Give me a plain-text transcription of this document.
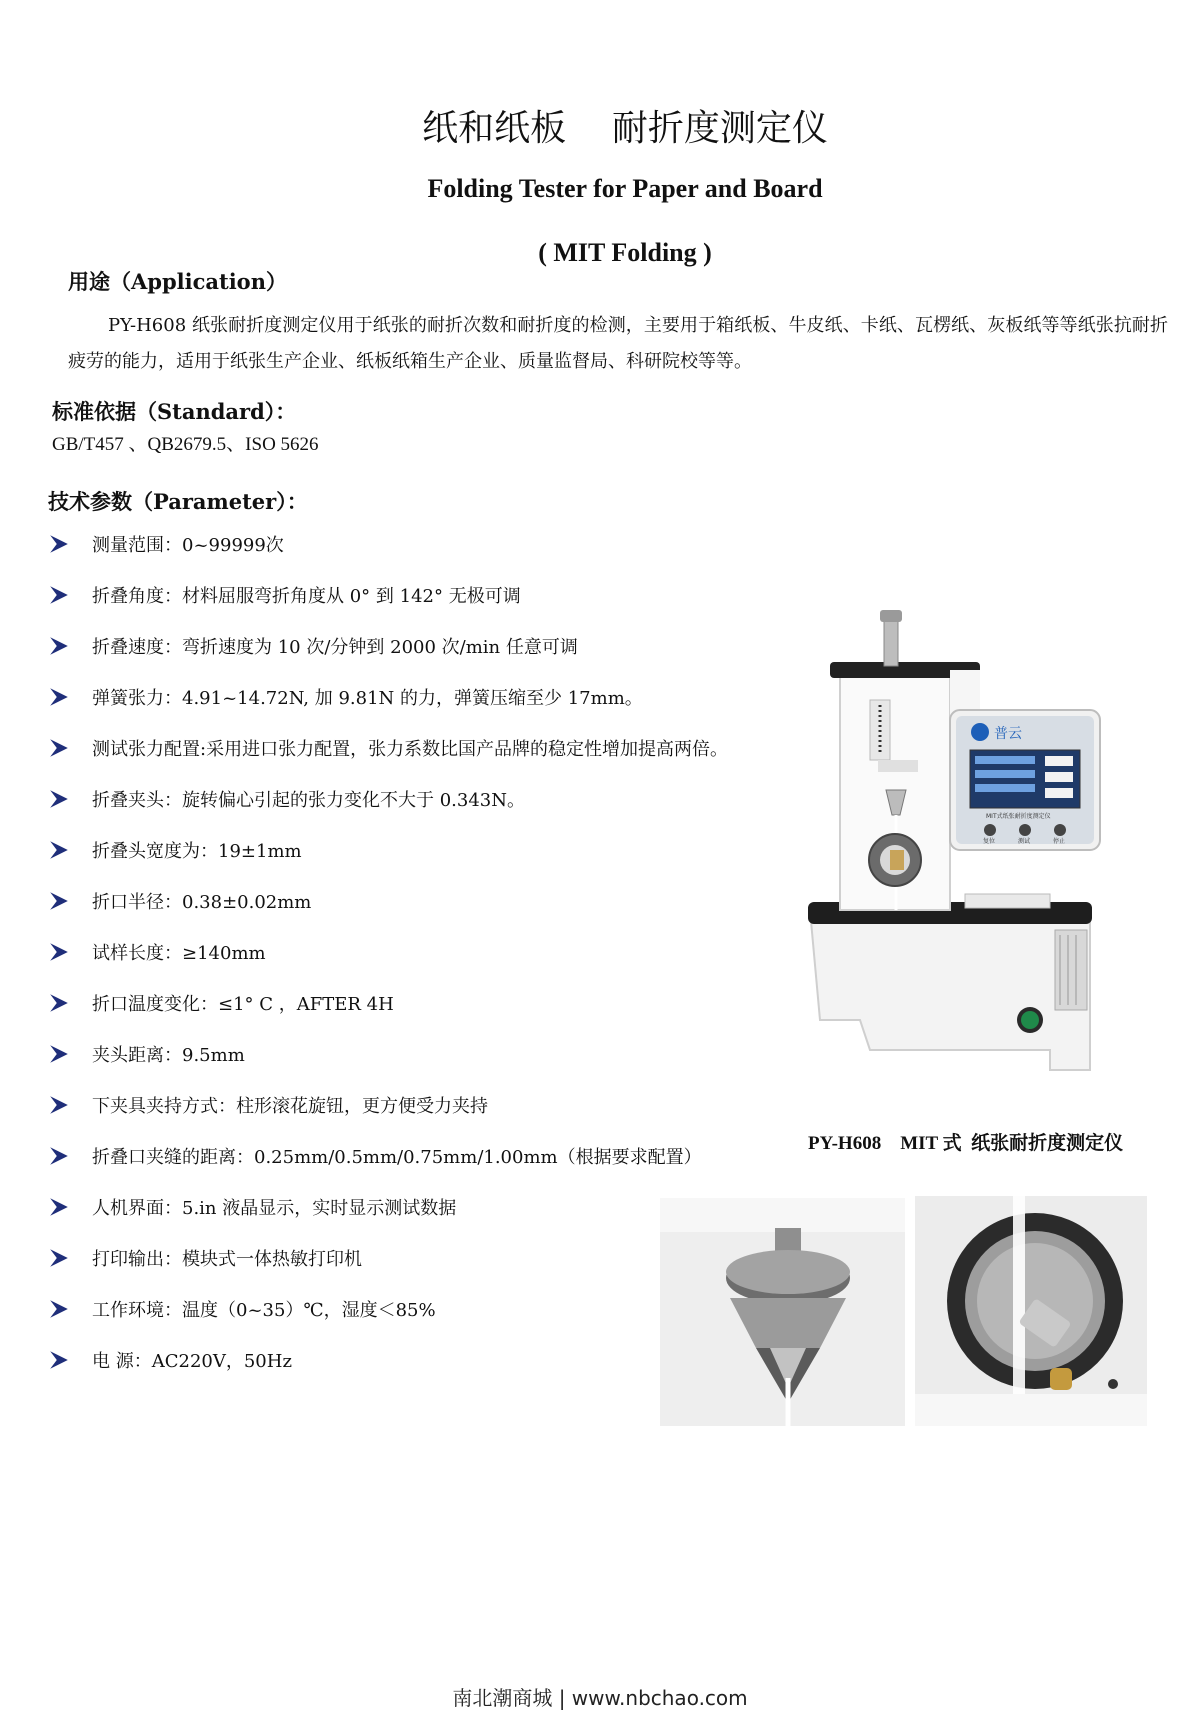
纸和纸板    耐折度测定仪
Folding Tester for Paper and Board
( MIT Folding )
用途（Application）
PY-H608 纸张耐折度测定仪用于纸张的耐折次数和耐折度的检测，主要用于箱纸板、牛皮纸、卡纸、瓦楞纸、灰板纸等等纸张抗耐折疲劳的能力，适用于纸张生产企业、纸板纸箱生产企业、质量监督局、科研院校等等。
标准依据（Standard）：
GB/T457 、QB2679.5、ISO 5626
技术参数（Parameter）：
测量范围：0~99999次
折叠角度：材料屈服弯折角度从 0° 到 142° 无极可调
折叠速度：弯折速度为 10 次/分钟到 2000 次/min 任意可调
弹簧张力：4.91~14.72N, 加 9.81N 的力，弹簧压缩至少 17mm。
测试张力配置:采用进口张力配置，张力系数比国产品牌的稳定性增加提高两倍。
折叠夹头：旋转偏心引起的张力变化不大于 0.343N。
折叠头宽度为：19±1mm
折口半径：0.38±0.02mm
试样长度：≥140mm
折口温度变化：≤1° C ，AFTER 4H
夹头距离：9.5mm
下夹具夹持方式：柱形滚花旋钮，更方便受力夹持
折叠口夹缝的距离：0.25mm/0.5mm/0.75mm/1.00mm（根据要求配置）
人机界面：5.in 液晶显示，实时显示测试数据
打印输出：模块式一体热敏打印机
工作环境：温度（0~35）℃，湿度＜85%
电 源：AC220V，50Hz
普云
MIT式纸张耐折度测定仪
复位	测试	停止
PY-H608    MIT 式  纸张耐折度测定仪
南北潮商城 | www.nbchao.com
